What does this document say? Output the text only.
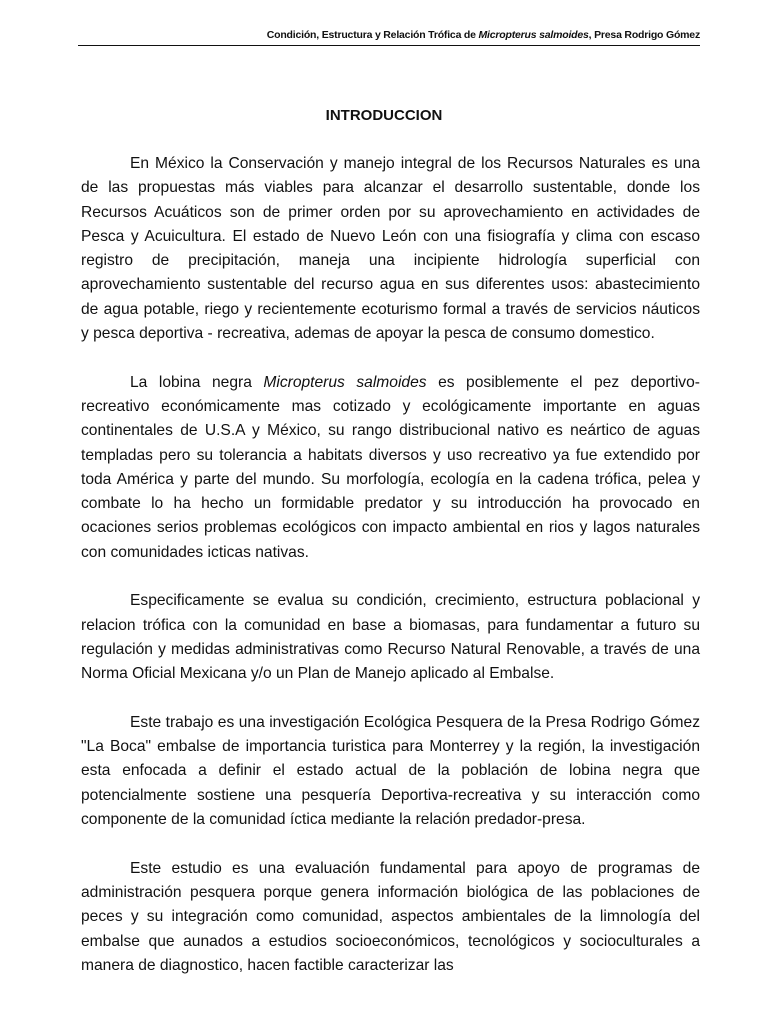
Condición, Estructura y Relación Trófica de Micropterus salmoides, Presa Rodrigo Gómez
INTRODUCCION

En México la Conservación y manejo integral de los Recursos Naturales es una de las propuestas más viables para alcanzar el desarrollo sustentable, donde los Recursos Acuáticos son de primer orden por su aprovechamiento en actividades de Pesca y Acuicultura. El estado de Nuevo León con una fisiografía y clima con escaso registro de precipitación, maneja una incipiente hidrología superficial con aprovechamiento sustentable del recurso agua en sus diferentes usos: abastecimiento de agua potable, riego y recientemente ecoturismo formal a través de servicios náuticos y pesca deportiva - recreativa, ademas de apoyar la pesca de consumo domestico.

La lobina negra Micropterus salmoides es posiblemente el pez deportivo-recreativo económicamente mas cotizado y ecológicamente importante en aguas continentales de U.S.A y México, su rango distribucional nativo es neártico de aguas templadas pero su tolerancia a habitats diversos y uso recreativo ya fue extendido por toda América y parte del mundo. Su morfología, ecología en la cadena trófica, pelea y combate lo ha hecho un formidable predator y su introducción ha provocado en ocaciones serios problemas ecológicos con impacto ambiental en rios y lagos naturales con comunidades icticas nativas.

Especificamente se evalua su condición, crecimiento, estructura poblacional y relacion trófica con la comunidad en base a biomasas, para fundamentar a futuro su regulación y medidas administrativas como Recurso Natural Renovable, a través de una Norma Oficial Mexicana y/o un Plan de Manejo aplicado al Embalse.

Este trabajo es una investigación Ecológica Pesquera de la Presa Rodrigo Gómez "La Boca" embalse de importancia turistica para Monterrey y la región, la investigación esta enfocada a definir el estado actual de la población de lobina negra que potencialmente sostiene una pesquería Deportiva-recreativa y su interacción como componente de la comunidad íctica mediante la relación predador-presa.

Este estudio es una evaluación fundamental para apoyo de programas de administración pesquera porque genera información biológica de las poblaciones de peces y su integración como comunidad, aspectos ambientales de la limnología del embalse que aunados a estudios socioeconómicos, tecnológicos y socioculturales a manera de diagnostico, hacen factible caracterizar las
